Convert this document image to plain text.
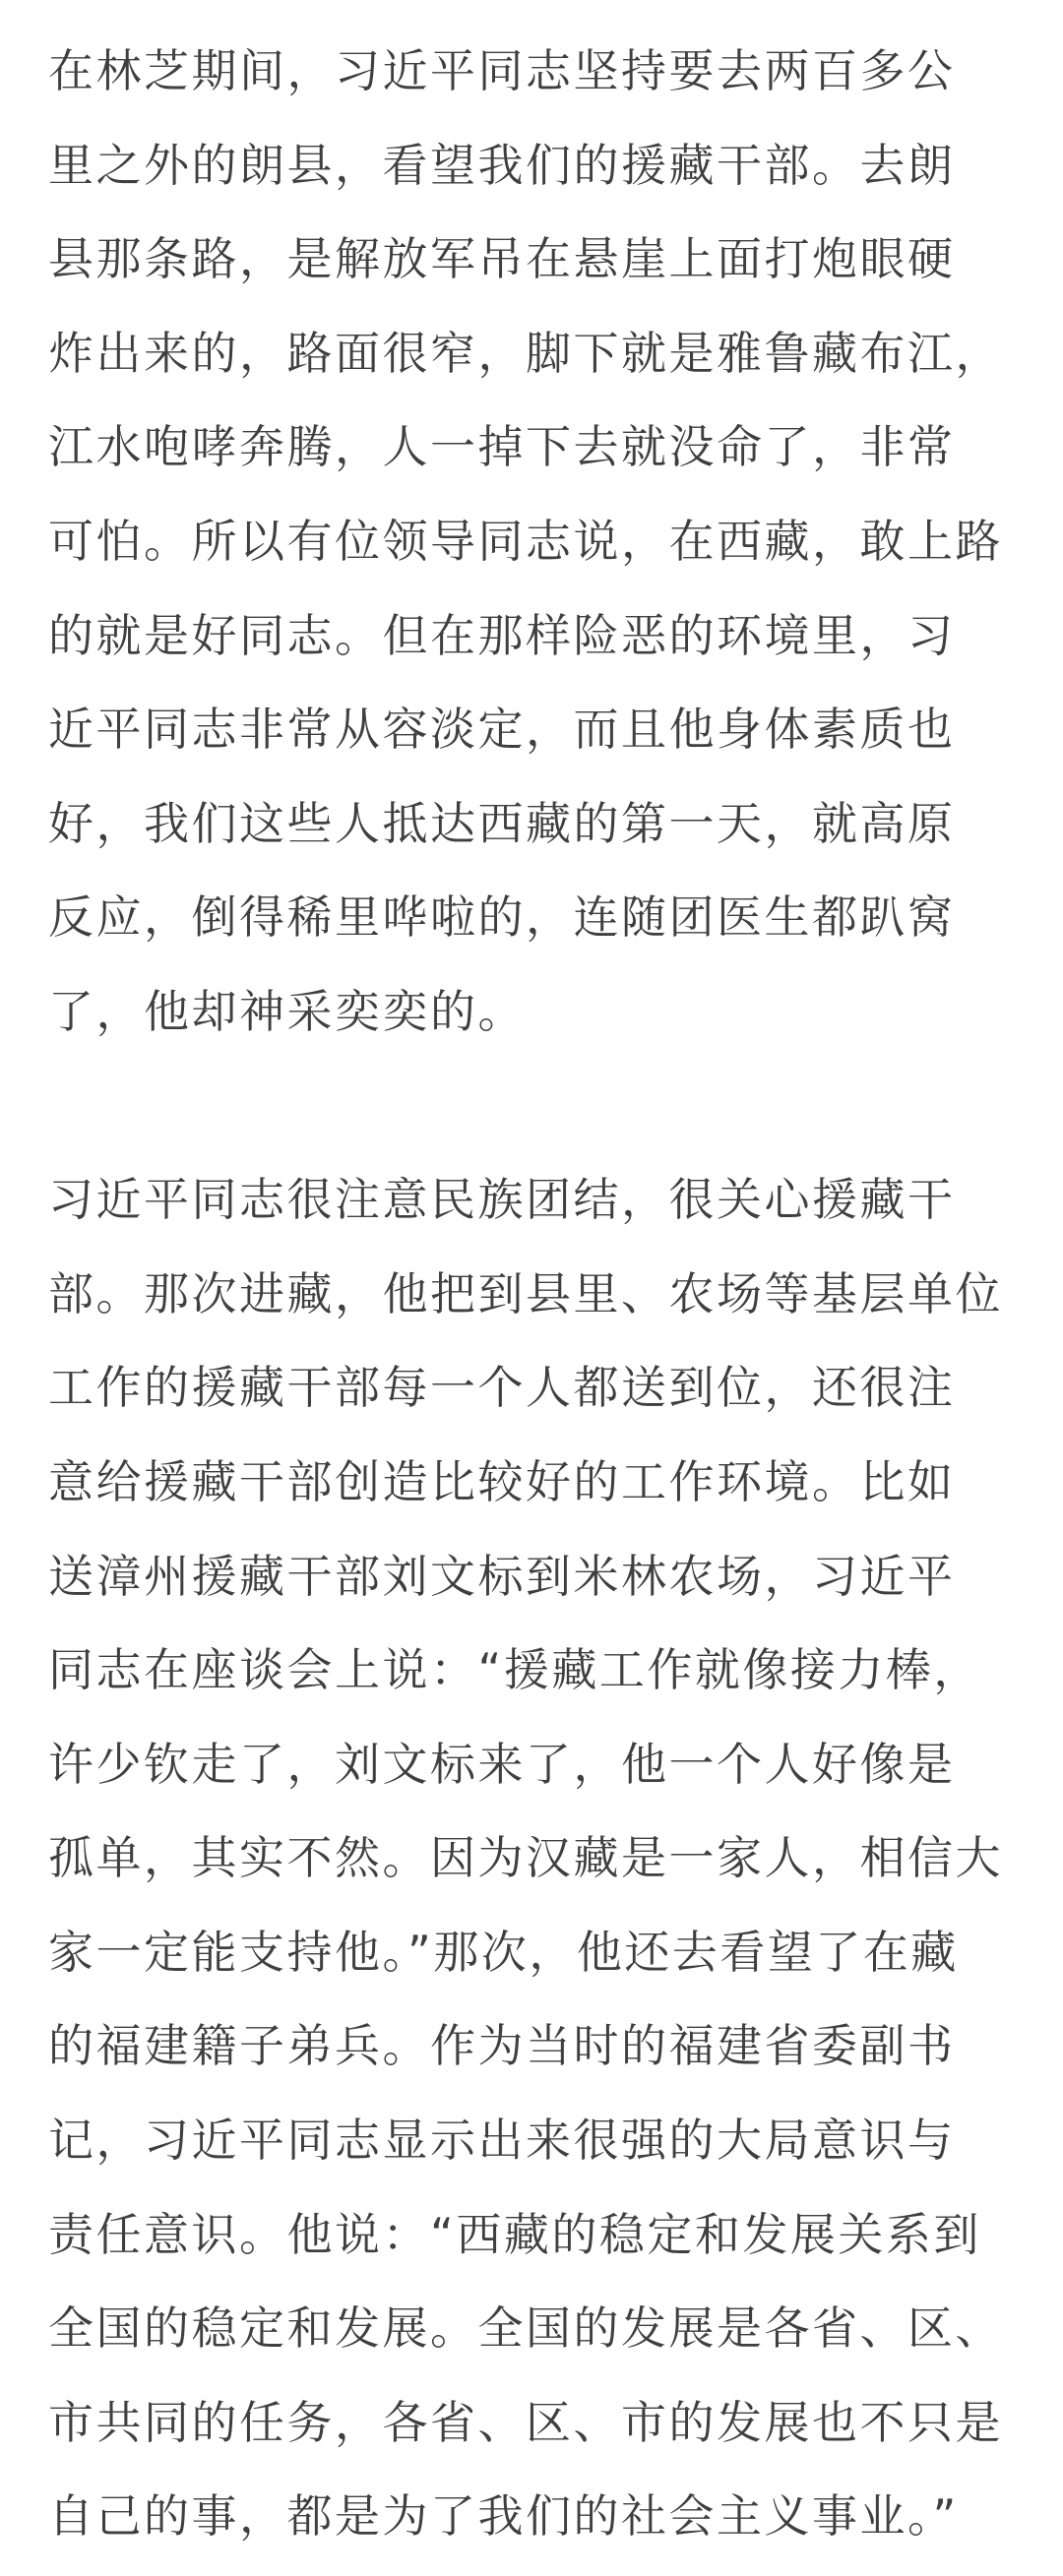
在林芝期间，习近平同志坚持要去两百多公
里之外的朗县，看望我们的援藏干部。去朗
县那条路，是解放军吊在悬崖上面打炮眼硬
炸出来的，路面很窄，脚下就是雅鲁藏布江，
江水咆哮奔腾，人一掉下去就没命了，非常
可怕。所以有位领导同志说，在西藏，敢上路
的就是好同志。但在那样险恶的环境里，习
近平同志非常从容淡定，而且他身体素质也
好，我们这些人抵达西藏的第一天，就高原
反应，倒得稀里哗啦的，连随团医生都趴窝
了，他却神采奕奕的。
习近平同志很注意民族团结，很关心援藏干
部。那次进藏，他把到县里、农场等基层单位
工作的援藏干部每一个人都送到位，还很注
意给援藏干部创造比较好的工作环境。比如
送漳州援藏干部刘文标到米林农场，习近平
同志在座谈会上说：“援藏工作就像接力棒，
许少钦走了，刘文标来了，他一个人好像是
孤单，其实不然。因为汉藏是一家人，相信大
家一定能支持他。”那次，他还去看望了在藏
的福建籍子弟兵。作为当时的福建省委副书
记，习近平同志显示出来很强的大局意识与
责任意识。他说：“西藏的稳定和发展关系到
全国的稳定和发展。全国的发展是各省、区、
市共同的任务，各省、区、市的发展也不只是
自己的事，都是为了我们的社会主义事业。”
